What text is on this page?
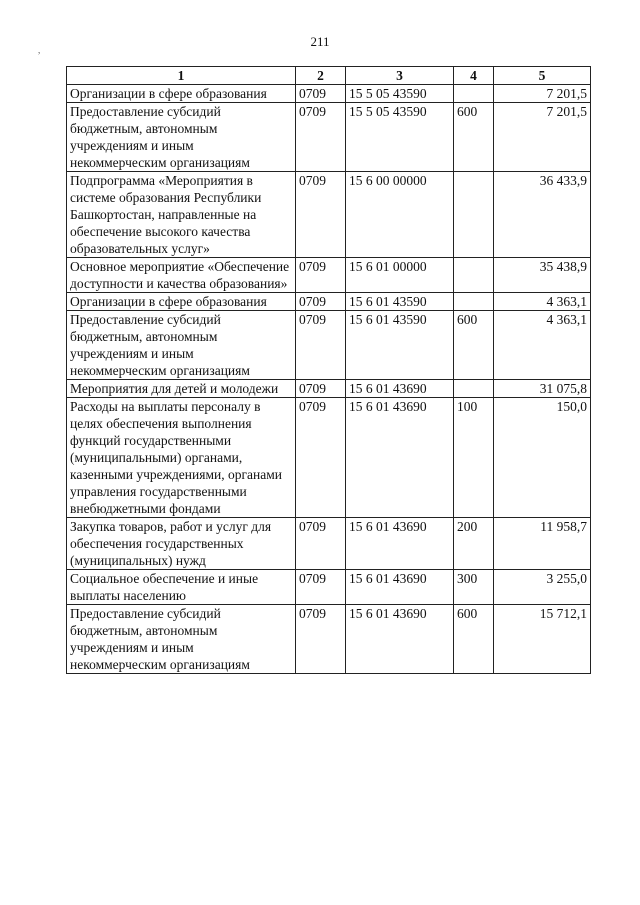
211
,
1	2	3	4	5
Организации в сфере образования	0709	15 5 05 43590		7 201,5
Предоставление субсидий бюджетным, автономным учреждениям и иным некоммерческим организациям	0709	15 5 05 43590	600	7 201,5
Подпрограмма «Мероприятия в системе образования Республики Башкортостан, направленные на обеспечение высокого качества образовательных услуг»	0709	15 6 00 00000		36 433,9
Основное мероприятие «Обеспечение доступности и качества образования»	0709	15 6 01 00000		35 438,9
Организации в сфере образования	0709	15 6 01 43590		4 363,1
Предоставление субсидий бюджетным, автономным учреждениям и иным некоммерческим организациям	0709	15 6 01 43590	600	4 363,1
Мероприятия для детей и молодежи	0709	15 6 01 43690		31 075,8
Расходы на выплаты персоналу в целях обеспечения выполнения функций государственными (муниципальными) органами, казенными учреждениями, органами управления государственными внебюджетными фондами	0709	15 6 01 43690	100	150,0
Закупка товаров, работ и услуг для обеспечения государственных (муниципальных) нужд	0709	15 6 01 43690	200	11 958,7
Социальное обеспечение и иные выплаты населению	0709	15 6 01 43690	300	3 255,0
Предоставление субсидий бюджетным, автономным учреждениям и иным некоммерческим организациям	0709	15 6 01 43690	600	15 712,1
